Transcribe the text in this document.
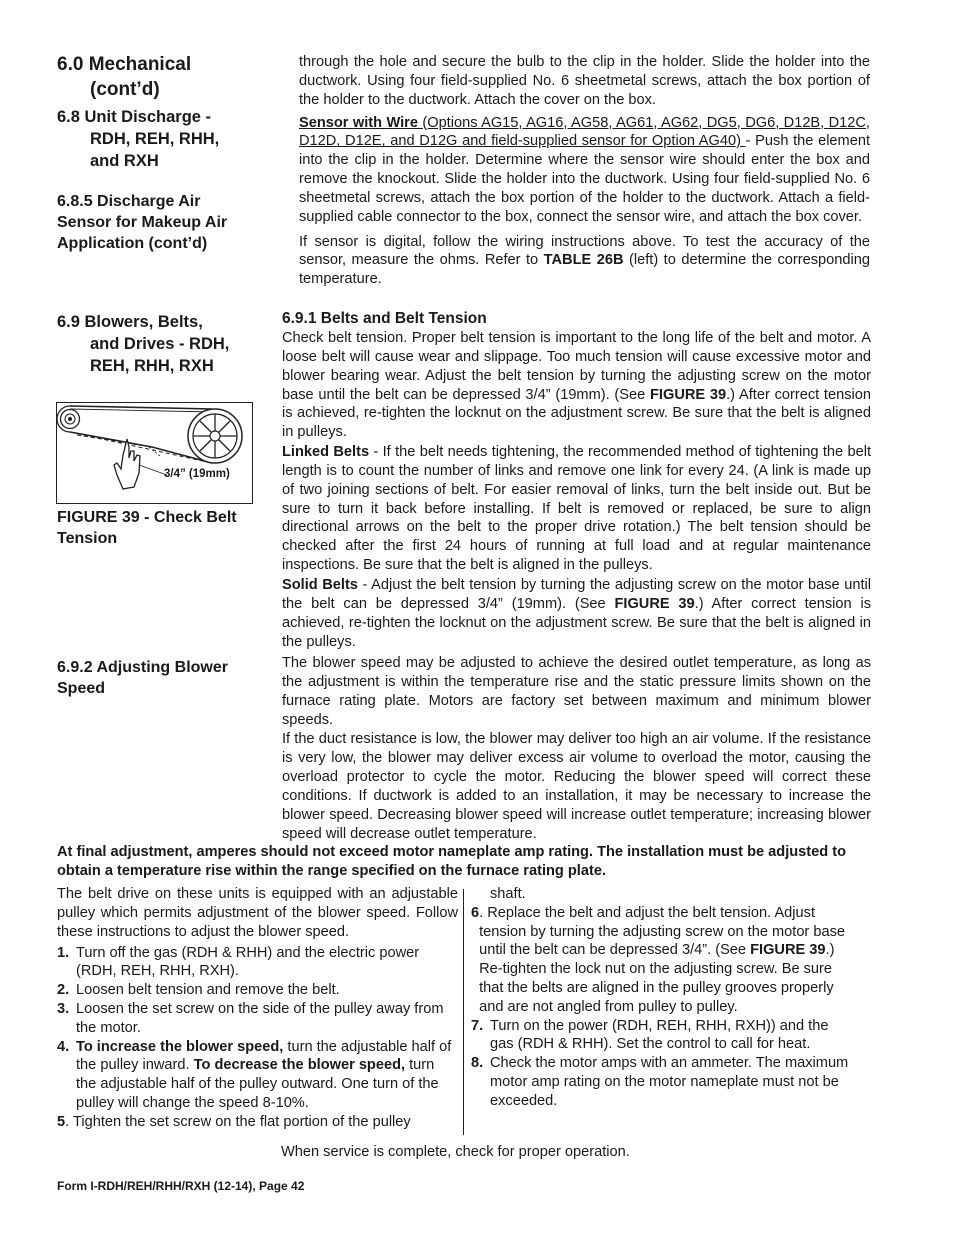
6.0 Mechanical
(cont’d)
6.8 Unit Discharge -
RDH, REH, RHH,
and RXH
6.8.5 Discharge Air
Sensor for Makeup Air
Application (cont’d)
6.9 Blowers, Belts,
and Drives - RDH,
REH, RHH, RXH
3/4” (19mm)
FIGURE 39 - Check Belt
Tension
6.9.2 Adjusting Blower
Speed

through the hole and secure the bulb to the clip in the holder. Slide the holder into the ductwork. Using four field-supplied No. 6 sheetmetal screws, attach the box portion of the holder to the ductwork. Attach the cover on the box.

Sensor with Wire (Options AG15, AG16, AG58, AG61, AG62, DG5, DG6, D12B, D12C, D12D, D12E, and D12G and field-supplied sensor for Option AG40) - Push the element into the clip in the holder. Determine where the sensor wire should enter the box and remove the knockout. Slide the holder into the ductwork. Using four field-supplied No. 6 sheetmetal screws, attach the box portion of the holder to the ductwork. Attach a field-supplied cable connector to the box, connect the sensor wire, and attach the box cover.

If sensor is digital, follow the wiring instructions above. To test the accuracy of the sensor, measure the ohms. Refer to TABLE 26B (left) to determine the corresponding temperature.

6.9.1 Belts and Belt Tension

Check belt tension. Proper belt tension is important to the long life of the belt and motor. A loose belt will cause wear and slippage. Too much tension will cause excessive motor and blower bearing wear. Adjust the belt tension by turning the adjusting screw on the motor base until the belt can be depressed 3/4” (19mm). (See FIGURE 39.) After correct tension is achieved, re-tighten the locknut on the adjustment screw. Be sure that the belt is aligned in pulleys.

Linked Belts - If the belt needs tightening, the recommended method of tightening the belt length is to count the number of links and remove one link for every 24. (A link is made up of two joining sections of belt. For easier removal of links, turn the belt inside out. But be sure to turn it back before installing. If belt is removed or replaced, be sure to align directional arrows on the belt to the proper drive rotation.) The belt tension should be checked after the first 24 hours of running at full load and at regular maintenance inspections. Be sure that the belt is aligned in the pulleys.

Solid Belts - Adjust the belt tension by turning the adjusting screw on the motor base until the belt can be depressed 3/4” (19mm). (See FIGURE 39.) After correct tension is achieved, re-tighten the locknut on the adjustment screw. Be sure that the belt is aligned in the pulleys.

The blower speed may be adjusted to achieve the desired outlet temperature, as long as the adjustment is within the temperature rise and the static pressure limits shown on the furnace rating plate. Motors are factory set between maximum and minimum blower speeds.

If the duct resistance is low, the blower may deliver too high an air volume. If the resistance is very low, the blower may deliver excess air volume to overload the motor, causing the overload protector to cycle the motor. Reducing the blower speed will correct these conditions. If ductwork is added to an installation, it may be necessary to increase the blower speed. Decreasing blower speed will increase outlet temperature; increasing blower speed will decrease outlet temperature.

At final adjustment, amperes should not exceed motor nameplate amp rating. The installation must be adjusted to obtain a temperature rise within the range specified on the furnace rating plate.

The belt drive on these units is equipped with an adjustable pulley which permits adjustment of the blower speed. Follow these instructions to adjust the blower speed.

1. Turn off the gas (RDH & RHH) and the electric power (RDH, REH, RHH, RXH).
2. Loosen belt tension and remove the belt.
3. Loosen the set screw on the side of the pulley away from the motor.
4. To increase the blower speed, turn the adjustable half of the pulley inward. To decrease the blower speed, turn the adjustable half of the pulley outward. One turn of the pulley will change the speed 8-10%.
5 . Tighten the set screw on the flat portion of the pulley
shaft.
6 . Replace the belt and adjust the belt tension. Adjust tension by turning the adjusting screw on the motor base until the belt can be depressed 3/4”. (See FIGURE 39.) Re-tighten the lock nut on the adjusting screw. Be sure that the belts are aligned in the pulley grooves properly and are not angled from pulley to pulley.
7. Turn on the power (RDH, REH, RHH, RXH)) and the gas (RDH & RHH). Set the control to call for heat.
8. Check the motor amps with an ammeter. The maximum motor amp rating on the motor nameplate must not be exceeded.
When service is complete, check for proper operation.
Form I-RDH/REH/RHH/RXH (12-14), Page 42
